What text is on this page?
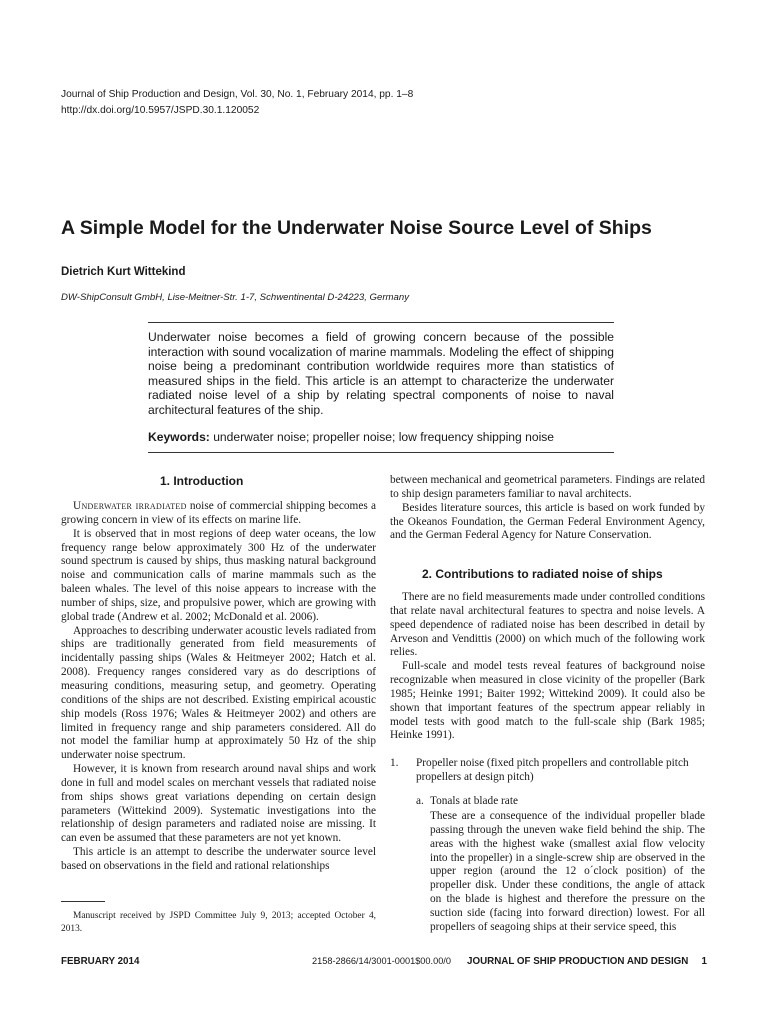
Journal of Ship Production and Design, Vol. 30, No. 1, February 2014, pp. 1–8
http://dx.doi.org/10.5957/JSPD.30.1.120052
A Simple Model for the Underwater Noise Source Level of Ships
Dietrich Kurt Wittekind
DW-ShipConsult GmbH, Lise-Meitner-Str. 1-7, Schwentinental D-24223, Germany
Underwater noise becomes a field of growing concern because of the possible interaction with sound vocalization of marine mammals. Modeling the effect of shipping noise being a predominant contribution worldwide requires more than statistics of measured ships in the field. This article is an attempt to characterize the underwater radiated noise level of a ship by relating spectral components of noise to naval architectural features of the ship.
Keywords: underwater noise; propeller noise; low frequency shipping noise
1. Introduction

Underwater irradiated noise of commercial shipping becomes a growing concern in view of its effects on marine life.

It is observed that in most regions of deep water oceans, the low frequency range below approximately 300 Hz of the underwater sound spectrum is caused by ships, thus masking natural background noise and communication calls of marine mammals such as the baleen whales. The level of this noise appears to increase with the number of ships, size, and propulsive power, which are growing with global trade (Andrew et al. 2002; McDonald et al. 2006).

Approaches to describing underwater acoustic levels radiated from ships are traditionally generated from field measurements of incidentally passing ships (Wales & Heitmeyer 2002; Hatch et al. 2008). Frequency ranges considered vary as do descriptions of measuring conditions, measuring setup, and geometry. Operating conditions of the ships are not described. Existing empirical acoustic ship models (Ross 1976; Wales & Heitmeyer 2002) and others are limited in frequency range and ship parameters considered. All do not model the familiar hump at approximately 50 Hz of the ship underwater noise spectrum.

However, it is known from research around naval ships and work done in full and model scales on merchant vessels that radiated noise from ships shows great variations depending on certain design parameters (Wittekind 2009). Systematic investigations into the relationship of design parameters and radiated noise are missing. It can even be assumed that these parameters are not yet known.

This article is an attempt to describe the underwater source level based on observations in the field and rational relationships

Manuscript received by JSPD Committee July 9, 2013; accepted October 4, 2013.

between mechanical and geometrical parameters. Findings are related to ship design parameters familiar to naval architects.

Besides literature sources, this article is based on work funded by the Okeanos Foundation, the German Federal Environment Agency, and the German Federal Agency for Nature Conservation.

2. Contributions to radiated noise of ships

There are no field measurements made under controlled conditions that relate naval architectural features to spectra and noise levels. A speed dependence of radiated noise has been described in detail by Arveson and Vendittis (2000) on which much of the following work relies.

Full-scale and model tests reveal features of background noise recognizable when measured in close vicinity of the propeller (Bark 1985; Heinke 1991; Baiter 1992; Wittekind 2009). It could also be shown that important features of the spectrum appear reliably in model tests with good match to the full-scale ship (Bark 1985; Heinke 1991).

1. Propeller noise (fixed pitch propellers and controllable pitch propellers at design pitch)
a. Tonals at blade rate
These are a consequence of the individual propeller blade passing through the uneven wake field behind the ship. The areas with the highest wake (smallest axial flow velocity into the propeller) in a single-screw ship are observed in the upper region (around the 12 o´clock position) of the propeller disk. Under these conditions, the angle of attack on the blade is highest and therefore the pressure on the suction side (facing into forward direction) lowest. For all propellers of seagoing ships at their service speed, this
FEBRUARY 2014	2158-2866/14/3001-0001$00.00/0 JOURNAL OF SHIP PRODUCTION AND DESIGN 1
